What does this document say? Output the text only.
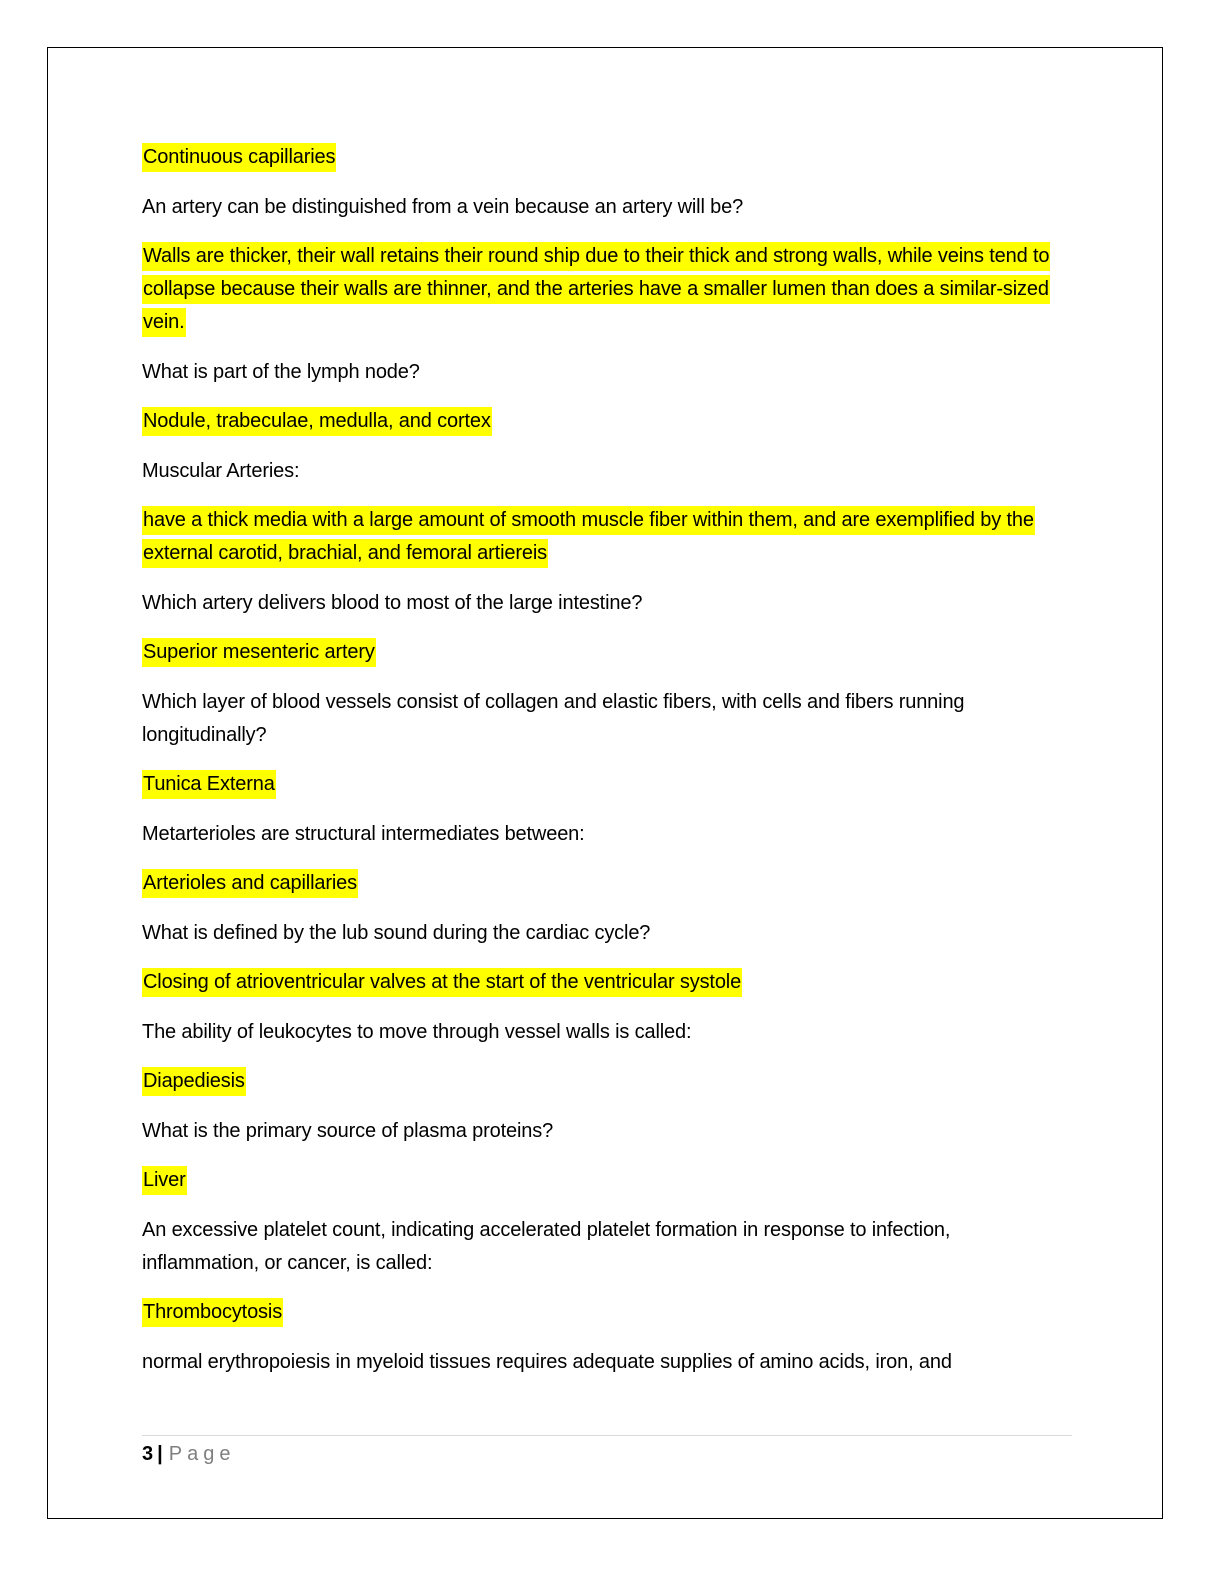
Continuous capillaries

An artery can be distinguished from a vein because an artery will be?

Walls are thicker, their wall retains their round ship due to their thick and strong walls, while veins tend to collapse because their walls are thinner, and the arteries have a smaller lumen than does a similar-sized vein.

What is part of the lymph node?

Nodule, trabeculae, medulla, and cortex

Muscular Arteries:

have a thick media with a large amount of smooth muscle fiber within them, and are exemplified by the external carotid, brachial, and femoral artiereis

Which artery delivers blood to most of the large intestine?

Superior mesenteric artery

Which layer of blood vessels consist of collagen and elastic fibers, with cells and fibers running longitudinally?

Tunica Externa

Metarterioles are structural intermediates between:

Arterioles and capillaries

What is defined by the lub sound during the cardiac cycle?

Closing of atrioventricular valves at the start of the ventricular systole

The ability of leukocytes to move through vessel walls is called:

Diapediesis

What is the primary source of plasma proteins?

Liver

An excessive platelet count, indicating accelerated platelet formation in response to infection, inflammation, or cancer, is called:

Thrombocytosis

normal erythropoiesis in myeloid tissues requires adequate supplies of amino acids, iron, and

3 | Page
